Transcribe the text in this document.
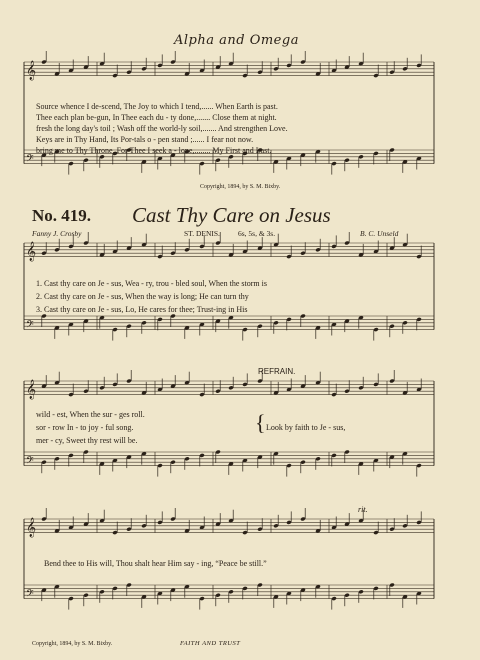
𝄞
𝄢
𝄞
𝄢
𝄞
𝄢
𝄞
𝄢
Alpha and Omega
Source whence I de-scend, The Joy to which I tend,...... When Earth is past.
Thee each plan be-gun, In Thee each du - ty done,....... Close them at night.
fresh the long day's toil ; Wash off the world-ly soil,....... And strengthen Love.
Keys are in Thy Hand, Its Por-tals o - pen stand ;...... I fear not now.
bring me to Thy Throne. For Thee I seek a - lone,........ My First and Last.
Copyright, 1894, by S. M. Bixby.
No. 419. Cast Thy Care on Jesus
Fanny J. Crosby	ST. DENIS. 6s, 5s, & 3s.	B. C. Unseld
1. Cast thy care on Je - sus, Wea - ry, trou - bled soul, When the storm is
2. Cast thy care on Je - sus, When the way is long; He can turn thy
3. Cast thy care on Je - sus, Lo, He cares for thee; Trust-ing in His
REFRAIN.
wild - est, When the sur - ges roll.
sor - row In - to joy - ful song.
mer - cy, Sweet thy rest will be.
{ Look by faith to Je - sus,
rit.
Bend thee to His will, Thou shalt hear Him say - ing, “Peace be still.”
Copyright, 1894, by S. M. Bixby.	FAITH AND TRUST
